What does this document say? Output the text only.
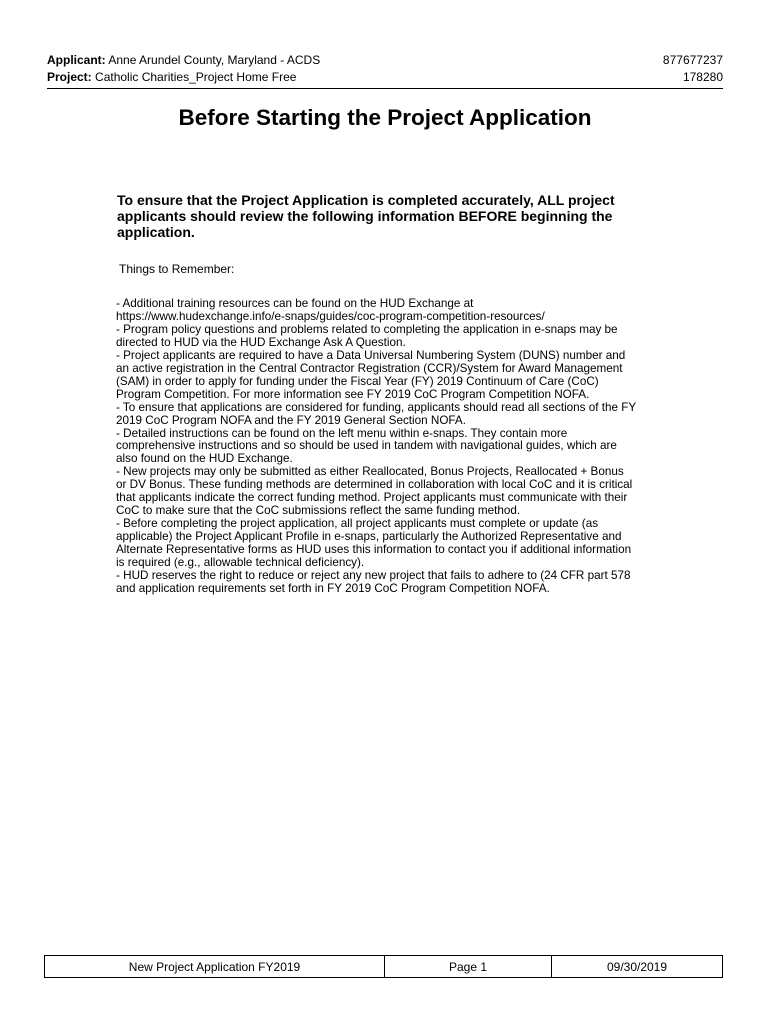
Applicant: Anne Arundel County, Maryland - ACDS	877677237
Project: Catholic Charities_Project Home Free	178280
Before Starting the Project Application
To ensure that the Project Application is completed accurately, ALL project applicants should review the following information BEFORE beginning the application.
Things to Remember:

- Additional training resources can be found on the HUD Exchange at https://www.hudexchange.info/e-snaps/guides/coc-program-competition-resources/

- Program policy questions and problems related to completing the application in e-snaps may be directed to HUD via the HUD Exchange Ask A Question.

- Project applicants are required to have a Data Universal Numbering System (DUNS) number and an active registration in the Central Contractor Registration (CCR)/System for Award Management (SAM) in order to apply for funding under the Fiscal Year (FY) 2019 Continuum of Care (CoC) Program Competition. For more information see FY 2019 CoC Program Competition NOFA.

- To ensure that applications are considered for funding, applicants should read all sections of the FY 2019 CoC Program NOFA and the FY 2019 General Section NOFA.

- Detailed instructions can be found on the left menu within e-snaps. They contain more comprehensive instructions and so should be used in tandem with navigational guides, which are also found on the HUD Exchange.

- New projects may only be submitted as either Reallocated, Bonus Projects, Reallocated + Bonus or DV Bonus. These funding methods are determined in collaboration with local CoC and it is critical that applicants indicate the correct funding method. Project applicants must communicate with their CoC to make sure that the CoC submissions reflect the same funding method.

- Before completing the project application, all project applicants must complete or update (as applicable) the Project Applicant Profile in e-snaps, particularly the Authorized Representative and Alternate Representative forms as HUD uses this information to contact you if additional information is required (e.g., allowable technical deficiency).

- HUD reserves the right to reduce or reject any new project that fails to adhere to (24 CFR part 578 and application requirements set forth in FY 2019 CoC Program Competition NOFA.

New Project Application FY2019	Page 1	09/30/2019
